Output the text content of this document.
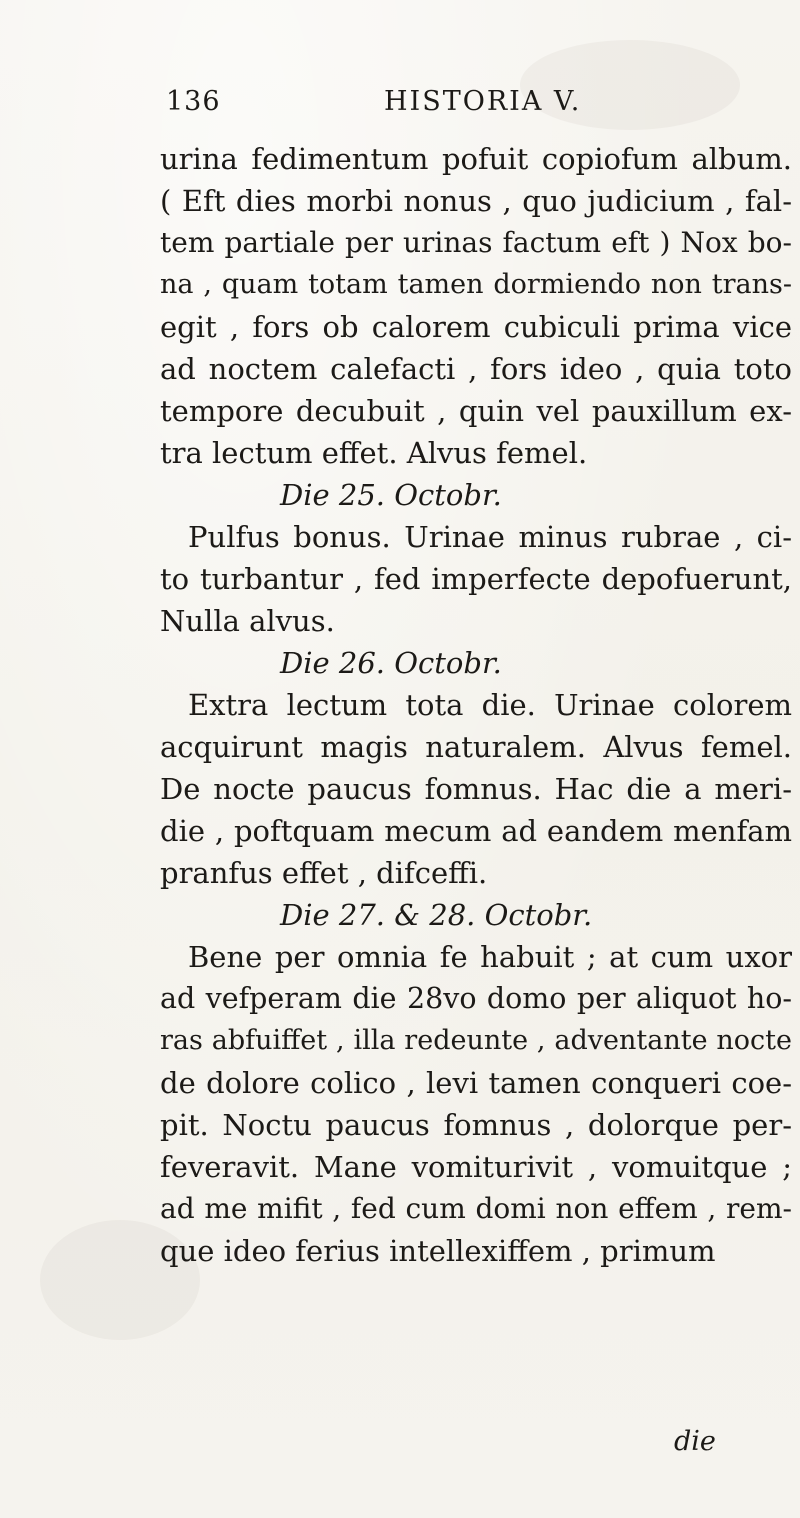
136	HISTORIA V.
urina fedimentum pofuit copiofum album.
( Eft dies morbi nonus , quo judicium , fal-
tem partiale per urinas factum eft ) Nox bo-
na , quam totam tamen dormiendo non trans-
egit , fors ob calorem cubiculi prima vice
ad noctem calefacti , fors ideo , quia toto
tempore decubuit , quin vel pauxillum ex-
tra lectum effet. Alvus femel.
Die 25. Octobr.
Pulfus bonus. Urinae minus rubrae , ci-
to turbantur , fed imperfecte depofuerunt,
Nulla alvus.
Die 26. Octobr.
Extra lectum tota die. Urinae colorem
acquirunt magis naturalem. Alvus femel.
De nocte paucus fomnus. Hac die a meri-
die , poftquam mecum ad eandem menfam
pranfus effet , difceffi.
Die 27. & 28. Octobr.
Bene per omnia fe habuit ; at cum uxor
ad vefperam die 28vo domo per aliquot ho-
ras abfuiffet , illa redeunte , adventante nocte
de dolore colico , levi tamen conqueri coe-
pit. Noctu paucus fomnus , dolorque per-
feveravit. Mane vomiturivit , vomuitque ;
ad me mifit , fed cum domi non effem , rem-
que ideo ferius intellexiffem , primum
die
